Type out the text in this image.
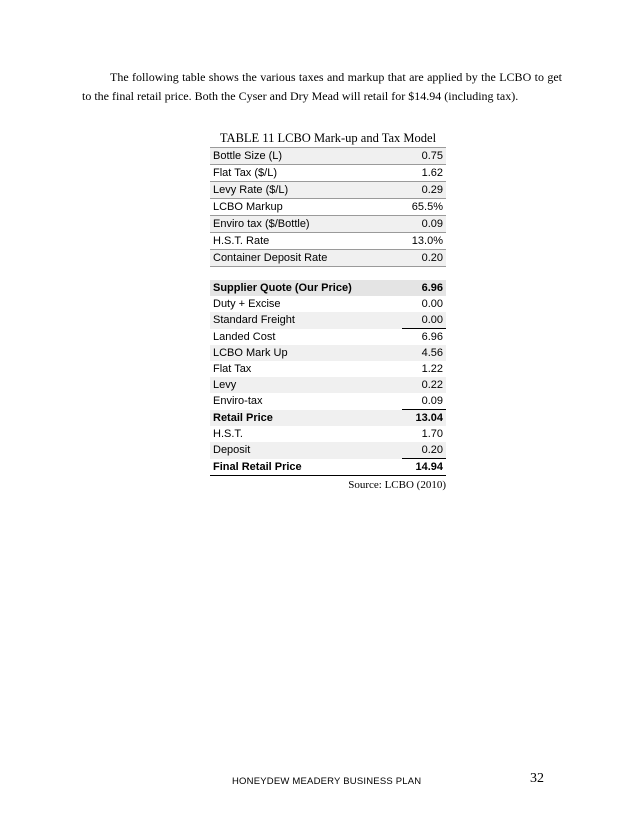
The following table shows the various taxes and markup that are applied by the LCBO to get to the final retail price. Both the Cyser and Dry Mead will retail for $14.94 (including tax).

TABLE 11 LCBO Mark-up and Tax Model
Bottle Size (L)	0.75
Flat Tax ($/L)	1.62
Levy Rate ($/L)	0.29
LCBO Markup	65.5%
Enviro tax ($/Bottle)	0.09
H.S.T. Rate	13.0%
Container Deposit Rate	0.20
Supplier Quote (Our Price)	6.96
Duty + Excise	0.00
Standard Freight	0.00
Landed Cost	6.96
LCBO Mark Up	4.56
Flat Tax	1.22
Levy	0.22
Enviro-tax	0.09
Retail Price	13.04
H.S.T.	1.70
Deposit	0.20
Final Retail Price	14.94
Source: LCBO (2010)
HONEYDEW MEADERY BUSINESS PLAN	32
